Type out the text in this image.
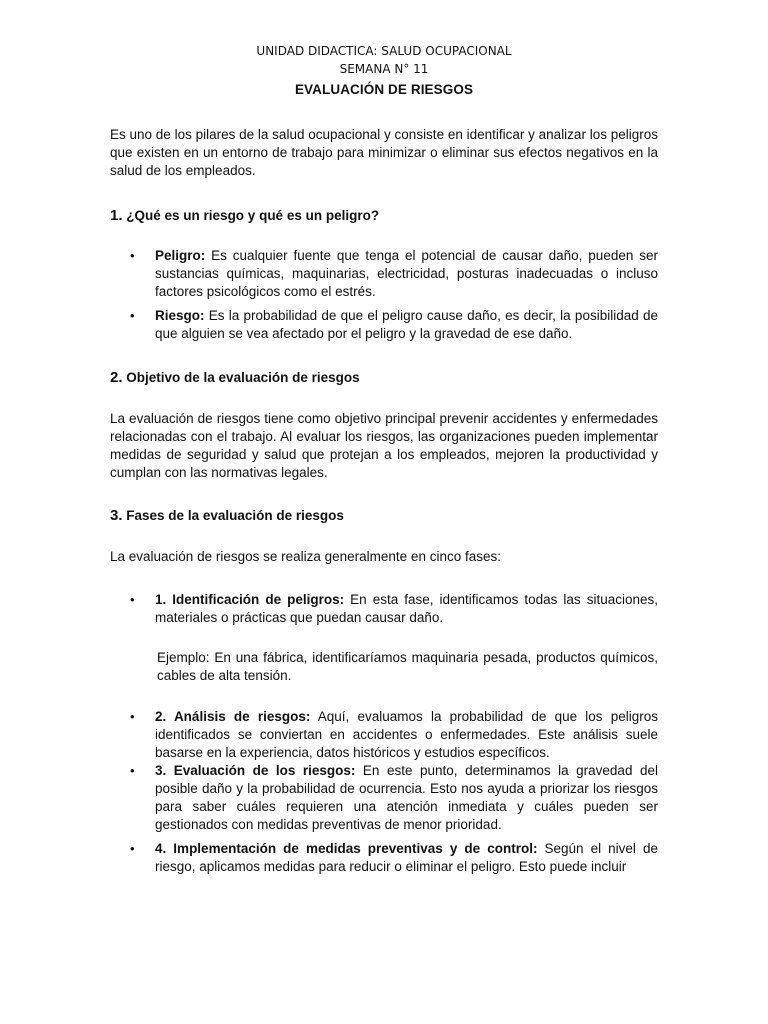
UNIDAD DIDACTICA: SALUD OCUPACIONAL
SEMANA N° 11
EVALUACIÓN DE RIESGOS

Es uno de los pilares de la salud ocupacional y consiste en identificar y analizar los peligros que existen en un entorno de trabajo para minimizar o eliminar sus efectos negativos en la salud de los empleados.

1. ¿Qué es un riesgo y qué es un peligro?
• Peligro: Es cualquier fuente que tenga el potencial de causar daño, pueden ser sustancias químicas, maquinarias, electricidad, posturas inadecuadas o incluso factores psicológicos como el estrés.
• Riesgo: Es la probabilidad de que el peligro cause daño, es decir, la posibilidad de que alguien se vea afectado por el peligro y la gravedad de ese daño.
2. Objetivo de la evaluación de riesgos

La evaluación de riesgos tiene como objetivo principal prevenir accidentes y enfermedades relacionadas con el trabajo. Al evaluar los riesgos, las organizaciones pueden implementar medidas de seguridad y salud que protejan a los empleados, mejoren la productividad y cumplan con las normativas legales.

3. Fases de la evaluación de riesgos

La evaluación de riesgos se realiza generalmente en cinco fases:

• 1. Identificación de peligros: En esta fase, identificamos todas las situaciones, materiales o prácticas que puedan causar daño.

Ejemplo: En una fábrica, identificaríamos maquinaria pesada, productos químicos, cables de alta tensión.

• 2. Análisis de riesgos: Aquí, evaluamos la probabilidad de que los peligros identificados se conviertan en accidentes o enfermedades. Este análisis suele basarse en la experiencia, datos históricos y estudios específicos.
• 3. Evaluación de los riesgos: En este punto, determinamos la gravedad del posible daño y la probabilidad de ocurrencia. Esto nos ayuda a priorizar los riesgos para saber cuáles requieren una atención inmediata y cuáles pueden ser gestionados con medidas preventivas de menor prioridad.
• 4. Implementación de medidas preventivas y de control: Según el nivel de riesgo, aplicamos medidas para reducir o eliminar el peligro. Esto puede incluir
